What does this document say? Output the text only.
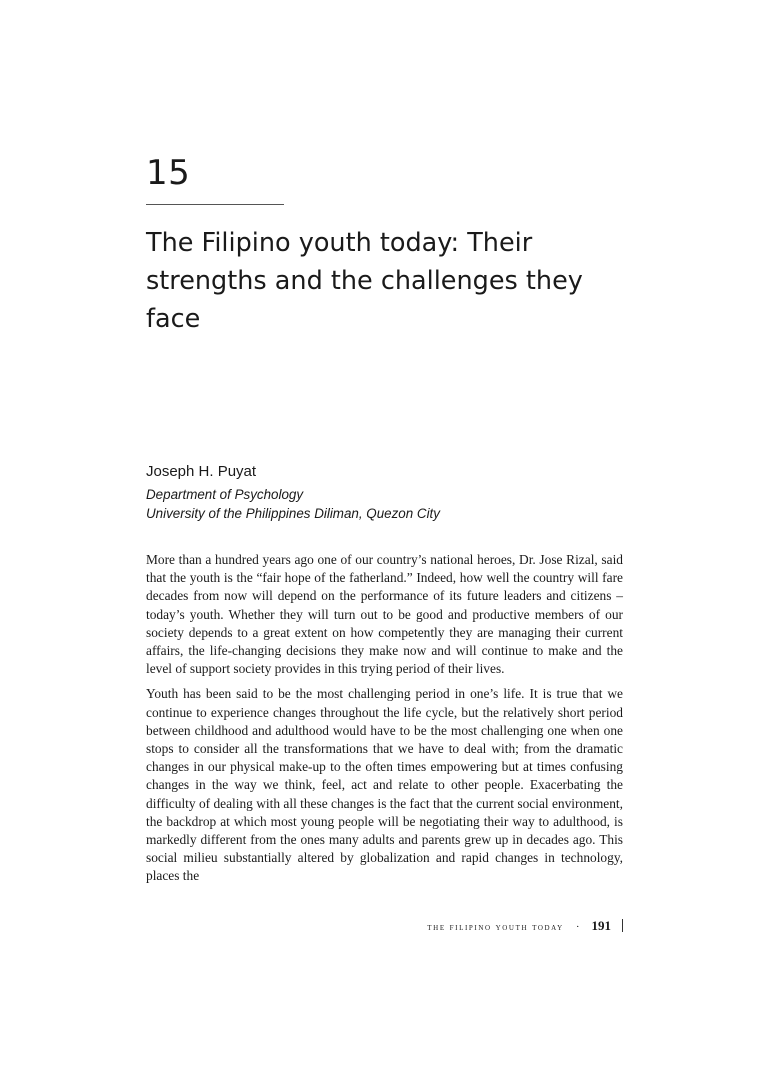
15
The Filipino youth today: Their strengths and the challenges they face
Joseph H. Puyat
Department of Psychology
University of the Philippines Diliman, Quezon City

More than a hundred years ago one of our country’s national heroes, Dr. Jose Rizal, said that the youth is the “fair hope of the fatherland.” Indeed, how well the country will fare decades from now will depend on the performance of its future leaders and citizens – today’s youth. Whether they will turn out to be good and productive members of our society depends to a great extent on how competently they are managing their current affairs, the life-changing decisions they make now and will continue to make and the level of support society provides in this trying period of their lives.

Youth has been said to be the most challenging period in one’s life. It is true that we continue to experience changes throughout the life cycle, but the relatively short period between childhood and adulthood would have to be the most challenging one when one stops to consider all the transformations that we have to deal with; from the dramatic changes in our physical make-up to the often times empowering but at times confusing changes in the way we think, feel, act and relate to other people. Exacerbating the difficulty of dealing with all these changes is the fact that the current social environment, the backdrop at which most young people will be negotiating their way to adulthood, is markedly different from the ones many adults and parents grew up in decades ago. This social milieu substantially altered by globalization and rapid changes in technology, places the

the filipino youth today · 191
